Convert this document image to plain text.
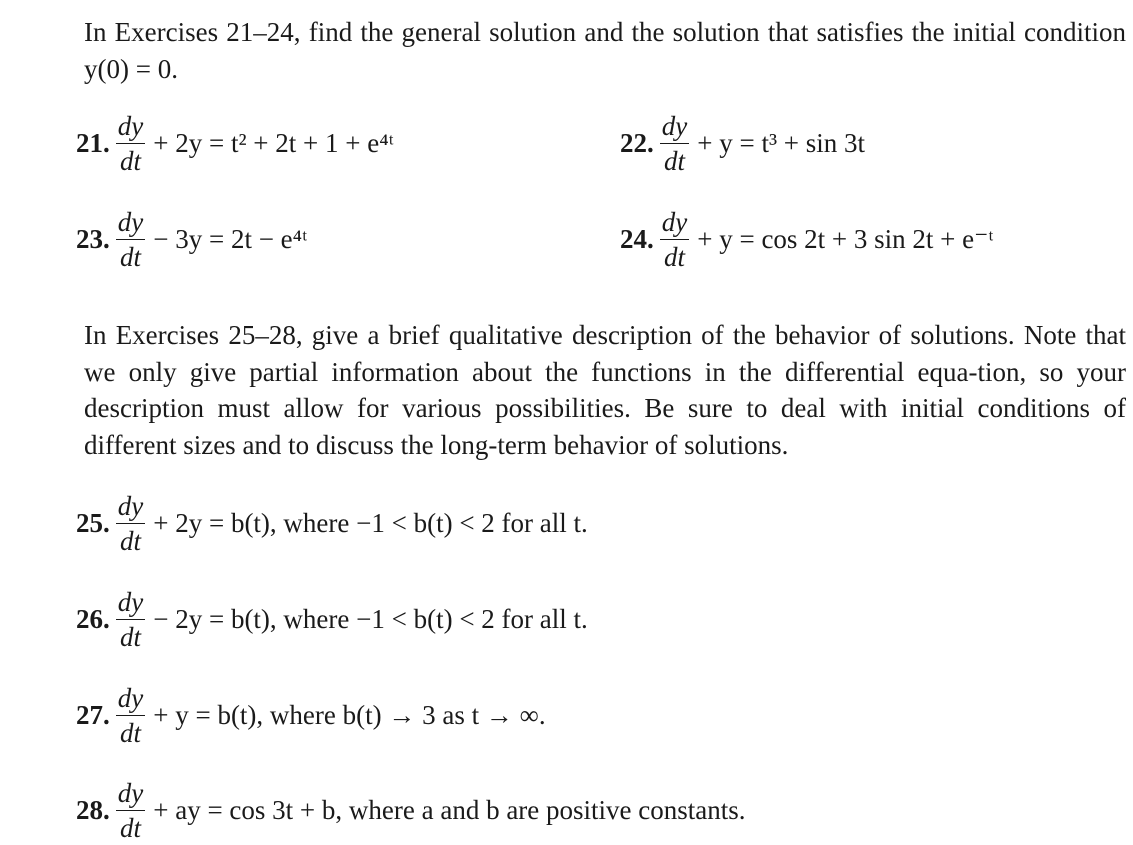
In Exercises 21–24, find the general solution and the solution that satisfies the initial condition y(0) = 0.
21. $\frac{dy}{dt} + 2y = t^2 + 2t + 1$ + e⁴ᵗ	22. $\frac{dy}{dt} + y = t^3 + \sin 3t$
23. $\frac{dy}{dt} - 3y = 2t$ − e⁴ᵗ	24. $\frac{dy}{dt} + y = \cos 2t + 3$ sin 2t + e⁻ᵗ
In Exercises 25–28, give a brief qualitative description of the behavior of solutions. Note that we only give partial information about the functions in the differential equa-tion, so your description must allow for various possibilities. Be sure to deal with initial conditions of different sizes and to discuss the long-term behavior of solutions.
25. $\frac{dy}{dt} + 2y = b(t)$, where −1 < b(t) < 2 for all t.
26. $\frac{dy}{dt} - 2y = b(t)$, where −1 < b(t) < 2 for all t.
27. $\frac{dy}{dt} + y = b(t)$, where b(t) → 3 as t → ∞.
28. $\frac{dy}{dt}$ + ay = cos 3t + b, where a and b are positive constants.
